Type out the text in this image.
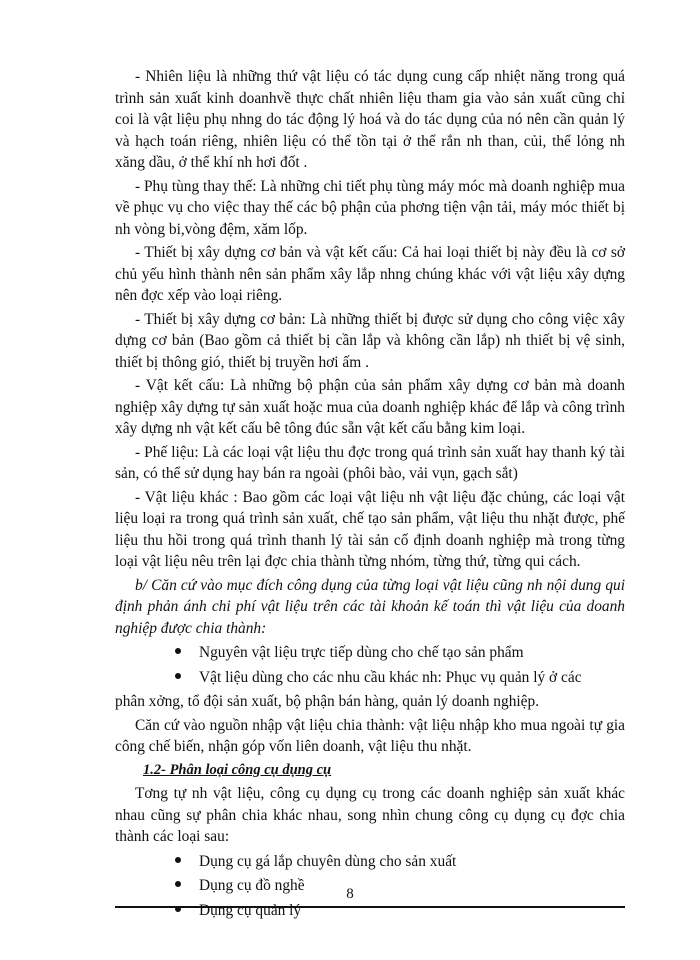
- Nhiên liệu là những thứ vật liệu có tác dụng cung cấp nhiệt năng trong quá trình sản xuất kinh doanhvề thực chất nhiên liệu tham gia vào sản xuất cũng chỉ coi là vật liệu phụ nhng do tác động lý hoá và do tác dụng của nó nên cần quản lý và hạch toán riêng, nhiên liệu có thể tồn tại ở thể rắn nh than, củi, thể lỏng nh xăng dầu, ở thể khí nh hơi đốt .

- Phụ tùng thay thế: Là những chi tiết phụ tùng máy móc mà doanh nghiệp mua về phục vụ cho việc thay thế các bộ phận của phơng tiện vận tải, máy móc thiết bị nh vòng bi,vòng đệm, xăm lốp.

- Thiết bị xây dựng cơ bản và vật kết cấu: Cả hai loại thiết bị này đều là cơ sở chủ yếu hình thành nên sản phẩm xây lắp nhng chúng khác với vật liệu xây dựng nên đợc xếp vào loại riêng.

- Thiết bị xây dựng cơ bản: Là những thiết bị được sử dụng cho công việc xây dựng cơ bản (Bao gồm cả thiết bị cần lắp và không cần lắp) nh thiết bị vệ sinh, thiết bị thông gió, thiết bị truyền hơi ấm .

- Vật kết cấu: Là những bộ phận của sản phẩm xây dựng cơ bản mà doanh nghiệp xây dựng tự sản xuất hoặc mua của doanh nghiệp khác để lắp và công trình xây dựng nh vật kết cấu bê tông đúc sẵn vật kết cấu bằng kim loại.

- Phế liệu: Là các loại vật liệu thu đợc trong quá trình sản xuất hay thanh ký tài sản, có thể sử dụng hay bán ra ngoài (phôi bào, vải vụn, gạch sắt)

- Vật liệu khác : Bao gồm các loại vật liệu nh vật liệu đặc chủng, các loại vật liệu loại ra trong quá trình sản xuất, chế tạo sản phẩm, vật liệu thu nhặt được, phế liệu thu hồi trong quá trình thanh lý tài sản cố định doanh nghiệp mà trong từng loại vật liệu nêu trên lại đợc chia thành từng nhóm, từng thứ, từng qui cách.

b/ Căn cứ vào mục đích công dụng của từng loại vật liệu cũng nh nội dung qui định phản ánh chi phí vật liệu trên các tài khoản kế toán thì vật liệu của doanh nghiệp được chia thành:

Nguyên vật liệu trực tiếp dùng cho chế tạo sản phẩm
Vật liệu dùng cho các nhu cầu khác nh: Phục vụ quản lý ở các

phân xởng, tổ đội sản xuất, bộ phận bán hàng, quản lý doanh nghiệp.

Căn cứ vào nguồn nhập vật liệu chia thành: vật liệu nhập kho mua ngoài tự gia công chế biến, nhận góp vốn liên doanh, vật liệu thu nhặt.

1.2- Phân loại công cụ dụng cụ

Tơng tự nh vật liệu, công cụ dụng cụ trong các doanh nghiệp sản xuất khác nhau cũng sự phân chia khác nhau, song nhìn chung công cụ dụng cụ đợc chia thành các loại sau:

Dụng cụ gá lắp chuyên dùng cho sản xuất
Dụng cụ đồ nghề
Dụng cụ quản lý
8
